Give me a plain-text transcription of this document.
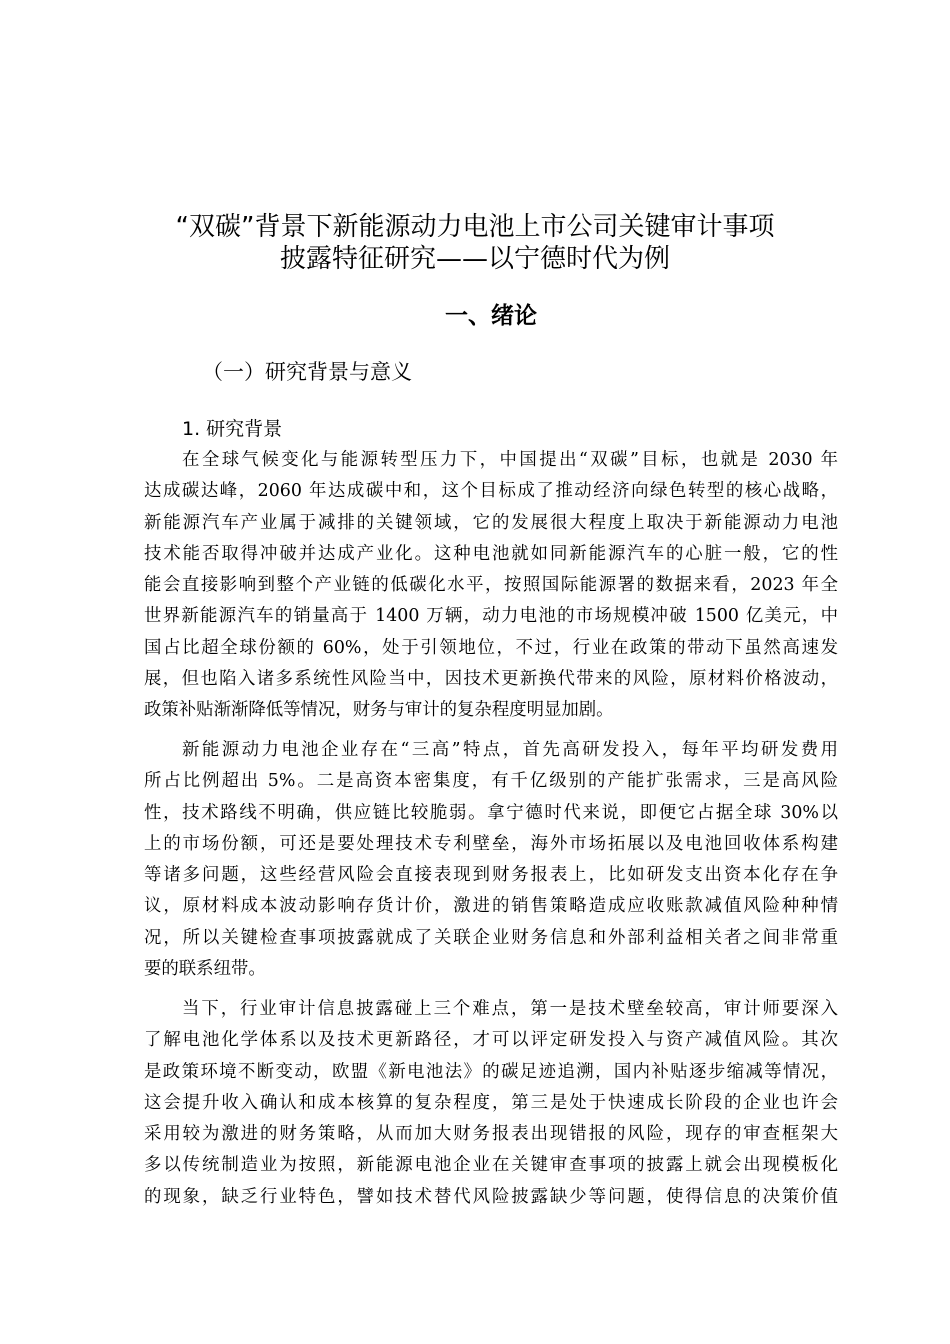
“双碳”背景下新能源动力电池上市公司关键审计事项
披露特征研究——以宁德时代为例
一、绪论
（一）研究背景与意义
1. 研究背景
在全球气候变化与能源转型压力下，中国提出“双碳”目标，也就是 2030 年
达成碳达峰，2060 年达成碳中和，这个目标成了推动经济向绿色转型的核心战略，
新能源汽车产业属于减排的关键领域，它的发展很大程度上取决于新能源动力电池
技术能否取得冲破并达成产业化。这种电池就如同新能源汽车的心脏一般，它的性
能会直接影响到整个产业链的低碳化水平，按照国际能源署的数据来看，2023 年全
世界新能源汽车的销量高于 1400 万辆，动力电池的市场规模冲破 1500 亿美元，中
国占比超全球份额的 60%，处于引领地位，不过，行业在政策的带动下虽然高速发
展，但也陷入诸多系统性风险当中，因技术更新换代带来的风险，原材料价格波动，
政策补贴渐渐降低等情况，财务与审计的复杂程度明显加剧。
新能源动力电池企业存在“三高”特点，首先高研发投入，每年平均研发费用
所占比例超出 5%。二是高资本密集度，有千亿级别的产能扩张需求，三是高风险
性，技术路线不明确，供应链比较脆弱。拿宁德时代来说，即便它占据全球 30%以
上的市场份额，可还是要处理技术专利壁垒，海外市场拓展以及电池回收体系构建
等诸多问题，这些经营风险会直接表现到财务报表上，比如研发支出资本化存在争
议，原材料成本波动影响存货计价，激进的销售策略造成应收账款减值风险种种情
况，所以关键检查事项披露就成了关联企业财务信息和外部利益相关者之间非常重
要的联系纽带。
当下，行业审计信息披露碰上三个难点，第一是技术壁垒较高，审计师要深入
了解电池化学体系以及技术更新路径，才可以评定研发投入与资产减值风险。其次
是政策环境不断变动，欧盟《新电池法》的碳足迹追溯，国内补贴逐步缩减等情况，
这会提升收入确认和成本核算的复杂程度，第三是处于快速成长阶段的企业也许会
采用较为激进的财务策略，从而加大财务报表出现错报的风险，现存的审查框架大
多以传统制造业为按照，新能源电池企业在关键审查事项的披露上就会出现模板化
的现象，缺乏行业特色，譬如技术替代风险披露缺少等问题，使得信息的决策价值
